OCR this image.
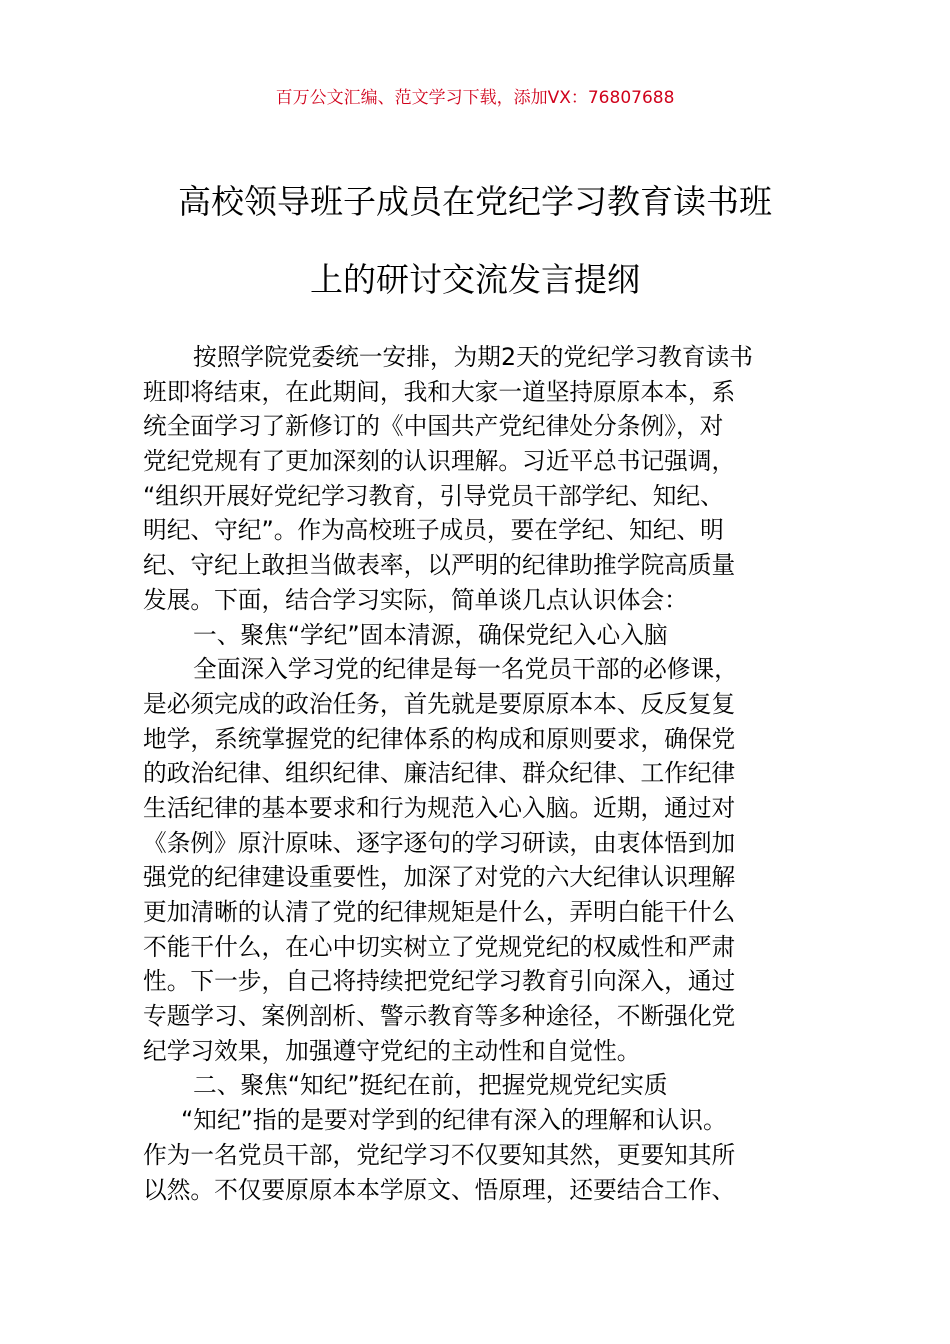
百万公文汇编、范文学习下载，添加VX：76807688
高校领导班子成员在党纪学习教育读书班
上的研讨交流发言提纲
按照学院党委统一安排，为期2天的党纪学习教育读书
班即将结束，在此期间，我和大家一道坚持原原本本，系
统全面学习了新修订的《中国共产党纪律处分条例》，对
党纪党规有了更加深刻的认识理解。习近平总书记强调，
“组织开展好党纪学习教育，引导党员干部学纪、知纪、
明纪、守纪”。作为高校班子成员，要在学纪、知纪、明
纪、守纪上敢担当做表率，以严明的纪律助推学院高质量
发展。下面，结合学习实际，简单谈几点认识体会：
一、聚焦“学纪”固本清源，确保党纪入心入脑
全面深入学习党的纪律是每一名党员干部的必修课，
是必须完成的政治任务，首先就是要原原本本、反反复复
地学，系统掌握党的纪律体系的构成和原则要求，确保党
的政治纪律、组织纪律、廉洁纪律、群众纪律、工作纪律
生活纪律的基本要求和行为规范入心入脑。近期，通过对
《条例》原汁原味、逐字逐句的学习研读，由衷体悟到加
强党的纪律建设重要性，加深了对党的六大纪律认识理解
更加清晰的认清了党的纪律规矩是什么，弄明白能干什么
不能干什么，在心中切实树立了党规党纪的权威性和严肃
性。下一步，自己将持续把党纪学习教育引向深入，通过
专题学习、案例剖析、警示教育等多种途径，不断强化党
纪学习效果，加强遵守党纪的主动性和自觉性。
二、聚焦“知纪”挺纪在前，把握党规党纪实质
“知纪”指的是要对学到的纪律有深入的理解和认识。
作为一名党员干部，党纪学习不仅要知其然，更要知其所
以然。不仅要原原本本学原文、悟原理，还要结合工作、
